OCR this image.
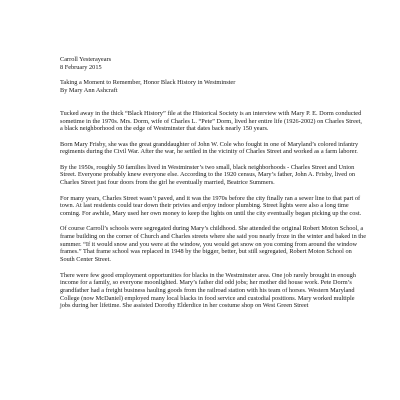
Carroll Yesterayears

8 February 2015

Taking a Moment to Remember, Honor Black History in Westminster

By Mary Ann Ashcraft

Tucked away in the thick “Black History” file at the Historical Society is an interview with Mary P. E. Dorm conducted sometime in the 1970s. Mrs. Dorm, wife of Charles L. “Pete” Dorm, lived her entire life (1926-2002) on Charles Street, a black neighborhood on the edge of Westminster that dates back nearly 150 years.

Born Mary Frisby, she was the great granddaughter of John W. Cole who fought in one of Maryland’s colored infantry regiments during the Civil War. After the war, he settled in the vicinity of Charles Street and worked as a farm laborer.

By the 1950s, roughly 50 families lived in Westminster’s two small, black neighborhoods - Charles Street and Union Street. Everyone probably knew everyone else. According to the 1920 census, Mary’s father, John A. Frisby, lived on Charles Street just four doors from the girl he eventually married, Beatrice Summers.

For many years, Charles Street wasn’t paved, and it was the 1970s before the city finally ran a sewer line to that part of town. At last residents could tear down their privies and enjoy indoor plumbing. Street lights were also a long time coming. For awhile, Mary used her own money to keep the lights on until the city eventually began picking up the cost.

Of course Carroll’s schools were segregated during Mary’s childhood. She attended the original Robert Moton School, a frame building on the corner of Church and Charles streets where she said you nearly froze in the winter and baked in the summer. “If it would snow and you were at the window, you would get snow on you coming from around the window frames.” That frame school was replaced in 1948 by the bigger, better, but still segregated, Robert Moton School on South Center Street.

There were few good employment opportunities for blacks in the Westminster area. One job rarely brought in enough income for a family, so everyone moonlighted. Mary’s father did odd jobs; her mother did house work. Pete Dorm’s grandfather had a freight business hauling goods from the railroad station with his team of horses. Western Maryland College (now McDaniel) employed many local blacks in food service and custodial positions. Mary worked multiple jobs during her lifetime. She assisted Dorothy Elderdice in her costume shop on West Green Street
